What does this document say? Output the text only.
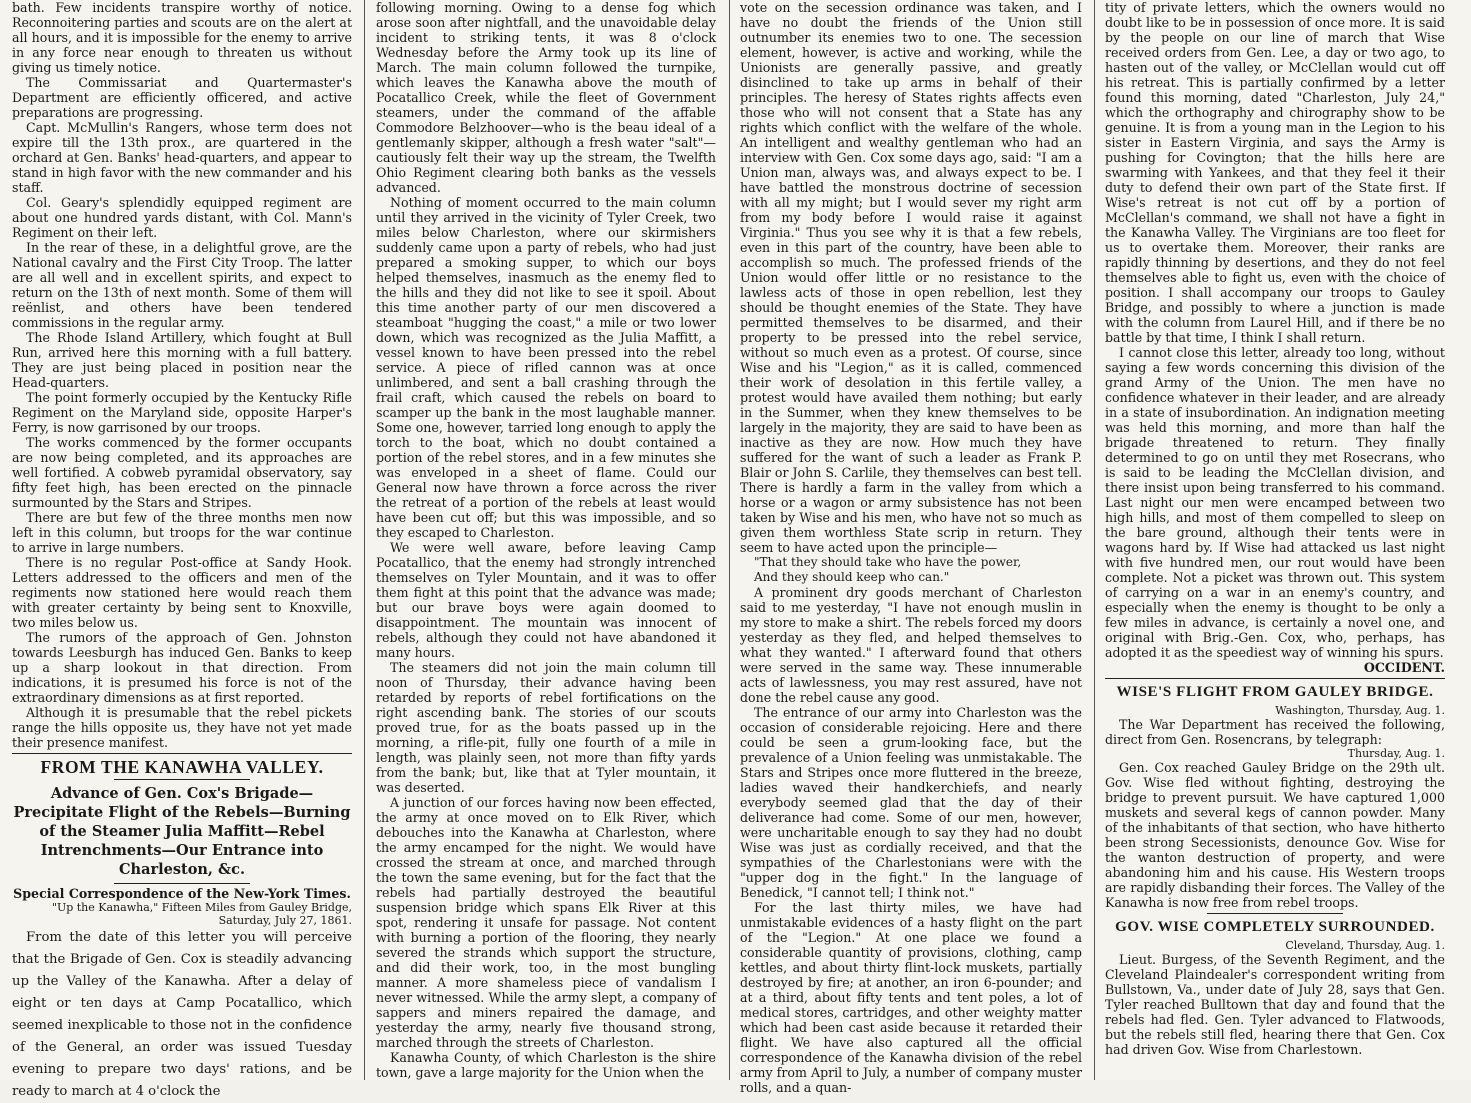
bath. Few incidents transpire worthy of notice. Reconnoitering parties and scouts are on the alert at all hours, and it is impossible for the enemy to arrive in any force near enough to threaten us without giving us timely notice.

The Commissariat and Quartermaster's Department are efficiently officered, and active preparations are progressing.

Capt. McMullin's Rangers, whose term does not expire till the 13th prox., are quartered in the orchard at Gen. Banks' head-quarters, and appear to stand in high favor with the new commander and his staff.

Col. Geary's splendidly equipped regiment are about one hundred yards distant, with Col. Mann's Regiment on their left.

In the rear of these, in a delightful grove, are the National cavalry and the First City Troop. The latter are all well and in excellent spirits, and expect to return on the 13th of next month. Some of them will reënlist, and others have been tendered commissions in the regular army.

The Rhode Island Artillery, which fought at Bull Run, arrived here this morning with a full battery. They are just being placed in position near the Head-quarters.

The point formerly occupied by the Kentucky Rifle Regiment on the Maryland side, opposite Harper's Ferry, is now garrisoned by our troops.

The works commenced by the former occupants are now being completed, and its approaches are well fortified. A cobweb pyramidal observatory, say fifty feet high, has been erected on the pinnacle surmounted by the Stars and Stripes.

There are but few of the three months men now left in this column, but troops for the war continue to arrive in large numbers.

There is no regular Post-office at Sandy Hook. Letters addressed to the officers and men of the regiments now stationed here would reach them with greater certainty by being sent to Knoxville, two miles below us.

The rumors of the approach of Gen. Johnston towards Leesburgh has induced Gen. Banks to keep up a sharp lookout in that direction. From indications, it is presumed his force is not of the extraordinary dimensions as at first reported.

Although it is presumable that the rebel pickets range the hills opposite us, they have not yet made their presence manifest.

FROM THE KANAWHA VALLEY.
Advance of Gen. Cox's Brigade—Precipitate Flight of the Rebels—Burning of the Steamer Julia Maffitt—Rebel Intrenchments—Our Entrance into Charleston, &c.

Special Correspondence of the New-York Times.

"Up the Kanawha," Fifteen Miles from Gauley Bridge, Saturday, July 27, 1861.

From the date of this letter you will perceive that the Brigade of Gen. Cox is steadily advancing up the Valley of the Kanawha. After a delay of eight or ten days at Camp Pocatallico, which seemed inexplicable to those not in the confidence of the General, an order was issued Tuesday evening to prepare two days' rations, and be ready to march at 4 o'clock the

following morning. Owing to a dense fog which arose soon after nightfall, and the unavoidable delay incident to striking tents, it was 8 o'clock Wednesday before the Army took up its line of March. The main column followed the turnpike, which leaves the Kanawha above the mouth of Pocatallico Creek, while the fleet of Government steamers, under the command of the affable Commodore Belzhoover—who is the beau ideal of a gentlemanly skipper, although a fresh water "salt"—cautiously felt their way up the stream, the Twelfth Ohio Regiment clearing both banks as the vessels advanced.

Nothing of moment occurred to the main column until they arrived in the vicinity of Tyler Creek, two miles below Charleston, where our skirmishers suddenly came upon a party of rebels, who had just prepared a smoking supper, to which our boys helped themselves, inasmuch as the enemy fled to the hills and they did not like to see it spoil. About this time another party of our men discovered a steamboat "hugging the coast," a mile or two lower down, which was recognized as the Julia Maffitt, a vessel known to have been pressed into the rebel service. A piece of rifled cannon was at once unlimbered, and sent a ball crashing through the frail craft, which caused the rebels on board to scamper up the bank in the most laughable manner. Some one, however, tarried long enough to apply the torch to the boat, which no doubt contained a portion of the rebel stores, and in a few minutes she was enveloped in a sheet of flame. Could our General now have thrown a force across the river the retreat of a portion of the rebels at least would have been cut off; but this was impossible, and so they escaped to Charleston.

We were well aware, before leaving Camp Pocatallico, that the enemy had strongly intrenched themselves on Tyler Mountain, and it was to offer them fight at this point that the advance was made; but our brave boys were again doomed to disappointment. The mountain was innocent of rebels, although they could not have abandoned it many hours.

The steamers did not join the main column till noon of Thursday, their advance having been retarded by reports of rebel fortifications on the right ascending bank. The stories of our scouts proved true, for as the boats passed up in the morning, a rifle-pit, fully one fourth of a mile in length, was plainly seen, not more than fifty yards from the bank; but, like that at Tyler mountain, it was deserted.

A junction of our forces having now been effected, the army at once moved on to Elk River, which debouches into the Kanawha at Charleston, where the army encamped for the night. We would have crossed the stream at once, and marched through the town the same evening, but for the fact that the rebels had partially destroyed the beautiful suspension bridge which spans Elk River at this spot, rendering it unsafe for passage. Not content with burning a portion of the flooring, they nearly severed the strands which support the structure, and did their work, too, in the most bungling manner. A more shameless piece of vandalism I never witnessed. While the army slept, a company of sappers and miners repaired the damage, and yesterday the army, nearly five thousand strong, marched through the streets of Charleston.

Kanawha County, of which Charleston is the shire town, gave a large majority for the Union when the

vote on the secession ordinance was taken, and I have no doubt the friends of the Union still outnumber its enemies two to one. The secession element, however, is active and working, while the Unionists are generally passive, and greatly disinclined to take up arms in behalf of their principles. The heresy of States rights affects even those who will not consent that a State has any rights which conflict with the welfare of the whole. An intelligent and wealthy gentleman who had an interview with Gen. Cox some days ago, said: "I am a Union man, always was, and always expect to be. I have battled the monstrous doctrine of secession with all my might; but I would sever my right arm from my body before I would raise it against Virginia." Thus you see why it is that a few rebels, even in this part of the country, have been able to accomplish so much. The professed friends of the Union would offer little or no resistance to the lawless acts of those in open rebellion, lest they should be thought enemies of the State. They have permitted themselves to be disarmed, and their property to be pressed into the rebel service, without so much even as a protest. Of course, since Wise and his "Legion," as it is called, commenced their work of desolation in this fertile valley, a protest would have availed them nothing; but early in the Summer, when they knew themselves to be largely in the majority, they are said to have been as inactive as they are now. How much they have suffered for the want of such a leader as Frank P. Blair or John S. Carlile, they themselves can best tell. There is hardly a farm in the valley from which a horse or a wagon or army subsistence has not been taken by Wise and his men, who have not so much as given them worthless State scrip in return. They seem to have acted upon the principle—

"That they should take who have the power,

And they should keep who can."

A prominent dry goods merchant of Charleston said to me yesterday, "I have not enough muslin in my store to make a shirt. The rebels forced my doors yesterday as they fled, and helped themselves to what they wanted." I afterward found that others were served in the same way. These innumerable acts of lawlessness, you may rest assured, have not done the rebel cause any good.

The entrance of our army into Charleston was the occasion of considerable rejoicing. Here and there could be seen a grum-looking face, but the prevalence of a Union feeling was unmistakable. The Stars and Stripes once more fluttered in the breeze, ladies waved their handkerchiefs, and nearly everybody seemed glad that the day of their deliverance had come. Some of our men, however, were uncharitable enough to say they had no doubt Wise was just as cordially received, and that the sympathies of the Charlestonians were with the "upper dog in the fight." In the language of Benedick, "I cannot tell; I think not."

For the last thirty miles, we have had unmistakable evidences of a hasty flight on the part of the "Legion." At one place we found a considerable quantity of provisions, clothing, camp kettles, and about thirty flint-lock muskets, partially destroyed by fire; at another, an iron 6-pounder; and at a third, about fifty tents and tent poles, a lot of medical stores, cartridges, and other weighty matter which had been cast aside because it retarded their flight. We have also captured all the official correspondence of the Kanawha division of the rebel army from April to July, a number of company muster rolls, and a quan-

tity of private letters, which the owners would no doubt like to be in possession of once more. It is said by the people on our line of march that Wise received orders from Gen. Lee, a day or two ago, to hasten out of the valley, or McClellan would cut off his retreat. This is partially confirmed by a letter found this morning, dated "Charleston, July 24," which the orthography and chirography show to be genuine. It is from a young man in the Legion to his sister in Eastern Virginia, and says the Army is pushing for Covington; that the hills here are swarming with Yankees, and that they feel it their duty to defend their own part of the State first. If Wise's retreat is not cut off by a portion of McClellan's command, we shall not have a fight in the Kanawha Valley. The Virginians are too fleet for us to overtake them. Moreover, their ranks are rapidly thinning by desertions, and they do not feel themselves able to fight us, even with the choice of position. I shall accompany our troops to Gauley Bridge, and possibly to where a junction is made with the column from Laurel Hill, and if there be no battle by that time, I think I shall return.

I cannot close this letter, already too long, without saying a few words concerning this division of the grand Army of the Union. The men have no confidence whatever in their leader, and are already in a state of insubordination. An indignation meeting was held this morning, and more than half the brigade threatened to return. They finally determined to go on until they met Rosecrans, who is said to be leading the McClellan division, and there insist upon being transferred to his command. Last night our men were encamped between two high hills, and most of them compelled to sleep on the bare ground, although their tents were in wagons hard by. If Wise had attacked us last night with five hundred men, our rout would have been complete. Not a picket was thrown out. This system of carrying on a war in an enemy's country, and especially when the enemy is thought to be only a few miles in advance, is certainly a novel one, and original with Brig.-Gen. Cox, who, perhaps, has adopted it as the speediest way of winning his spurs.

OCCIDENT.

WISE'S FLIGHT FROM GAULEY BRIDGE.

Washington, Thursday, Aug. 1.

The War Department has received the following, direct from Gen. Rosencrans, by telegraph:

Thursday, Aug. 1.

Gen. Cox reached Gauley Bridge on the 29th ult. Gov. Wise fled without fighting, destroying the bridge to prevent pursuit. We have captured 1,000 muskets and several kegs of cannon powder. Many of the inhabitants of that section, who have hitherto been strong Secessionists, denounce Gov. Wise for the wanton destruction of property, and were abandoning him and his cause. His Western troops are rapidly disbanding their forces. The Valley of the Kanawha is now free from rebel troops.

GOV. WISE COMPLETELY SURROUNDED.

Cleveland, Thursday, Aug. 1.

Lieut. Burgess, of the Seventh Regiment, and the Cleveland Plaindealer's correspondent writing from Bullstown, Va., under date of July 28, says that Gen. Tyler reached Bulltown that day and found that the rebels had fled. Gen. Tyler advanced to Flatwoods, but the rebels still fled, hearing there that Gen. Cox had driven Gov. Wise from Charlestown.
